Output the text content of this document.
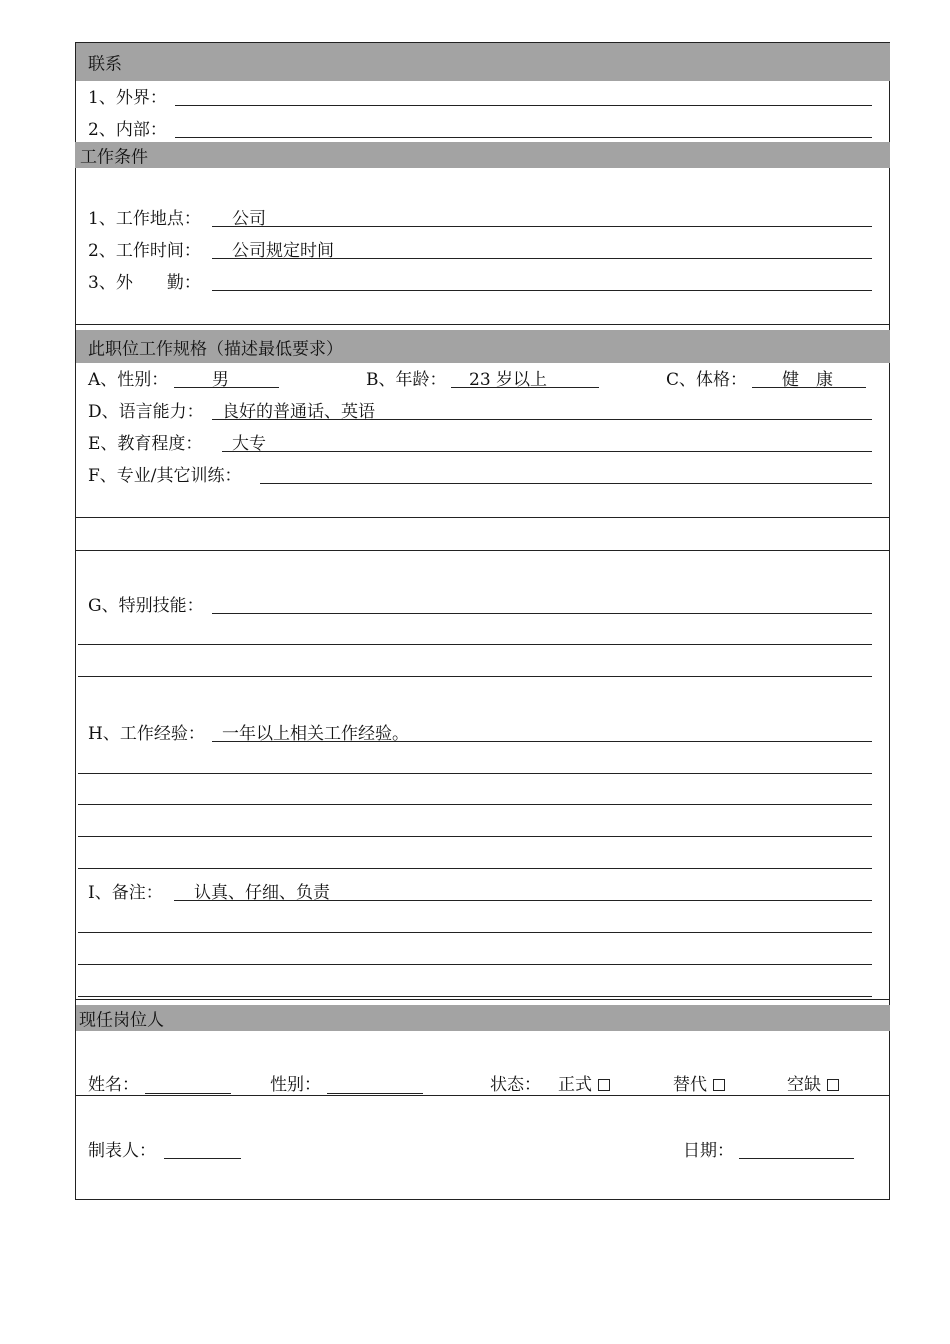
联系
1、外界：
2、内部：
工作条件
1、工作地点： 公司
2、工作时间： 公司规定时间
3、外　　勤：
此职位工作规格（描述最低要求）
A、性别：	男	B、年龄： 23 岁以上	C、体格： 健　康
D、语言能力： 良好的普通话、英语
E、教育程度： 大专
F、专业/其它训练：
G、特别技能：
H、工作经验： 一年以上相关工作经验。
I、备注： 认真、仔细、负责
现任岗位人
姓名：	性别：	状态： 正式	替代	空缺
制表人：	日期：
